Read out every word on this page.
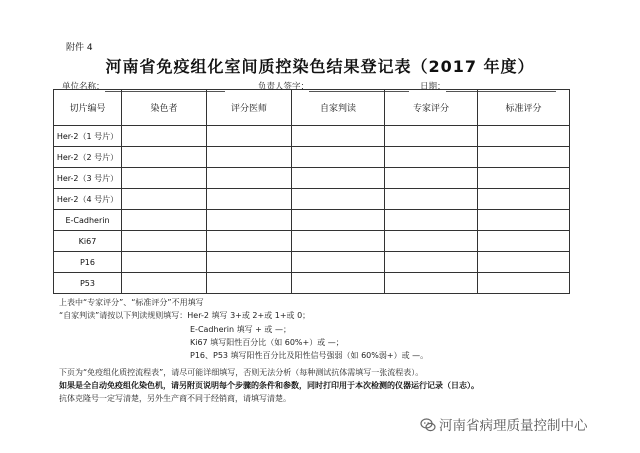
附件 4
河南省免疫组化室间质控染色结果登记表（2017 年度）
单位名称：	负责人签字：	日期：
切片编号	染色者	评分医师	自家判读	专家评分	标准评分
Her-2（1 号片）					
Her-2（2 号片）					
Her-2（3 号片）					
Her-2（4 号片）					
E-Cadherin					
Ki67					
P16					
P53					
上表中“专家评分”、“标准评分”不用填写
“自家判读”请按以下判读规则填写：Her-2 填写 3+或 2+或 1+或 0；
E-Cadherin 填写 + 或 —；
Ki67 填写阳性百分比（如 60%+）或 —；
P16、P53 填写阳性百分比及阳性信号强弱（如 60%弱+）或 —。
下页为“免疫组化质控流程表”，请尽可能详细填写，否则无法分析（每种测试抗体需填写一张流程表）。
如果是全自动免疫组化染色机，请另附页说明每个步骤的条件和参数，同时打印用于本次检测的仪器运行记录（日志）。
抗体克隆号一定写清楚，另外生产商不同于经销商，请填写清楚。
河南省病理质量控制中心
